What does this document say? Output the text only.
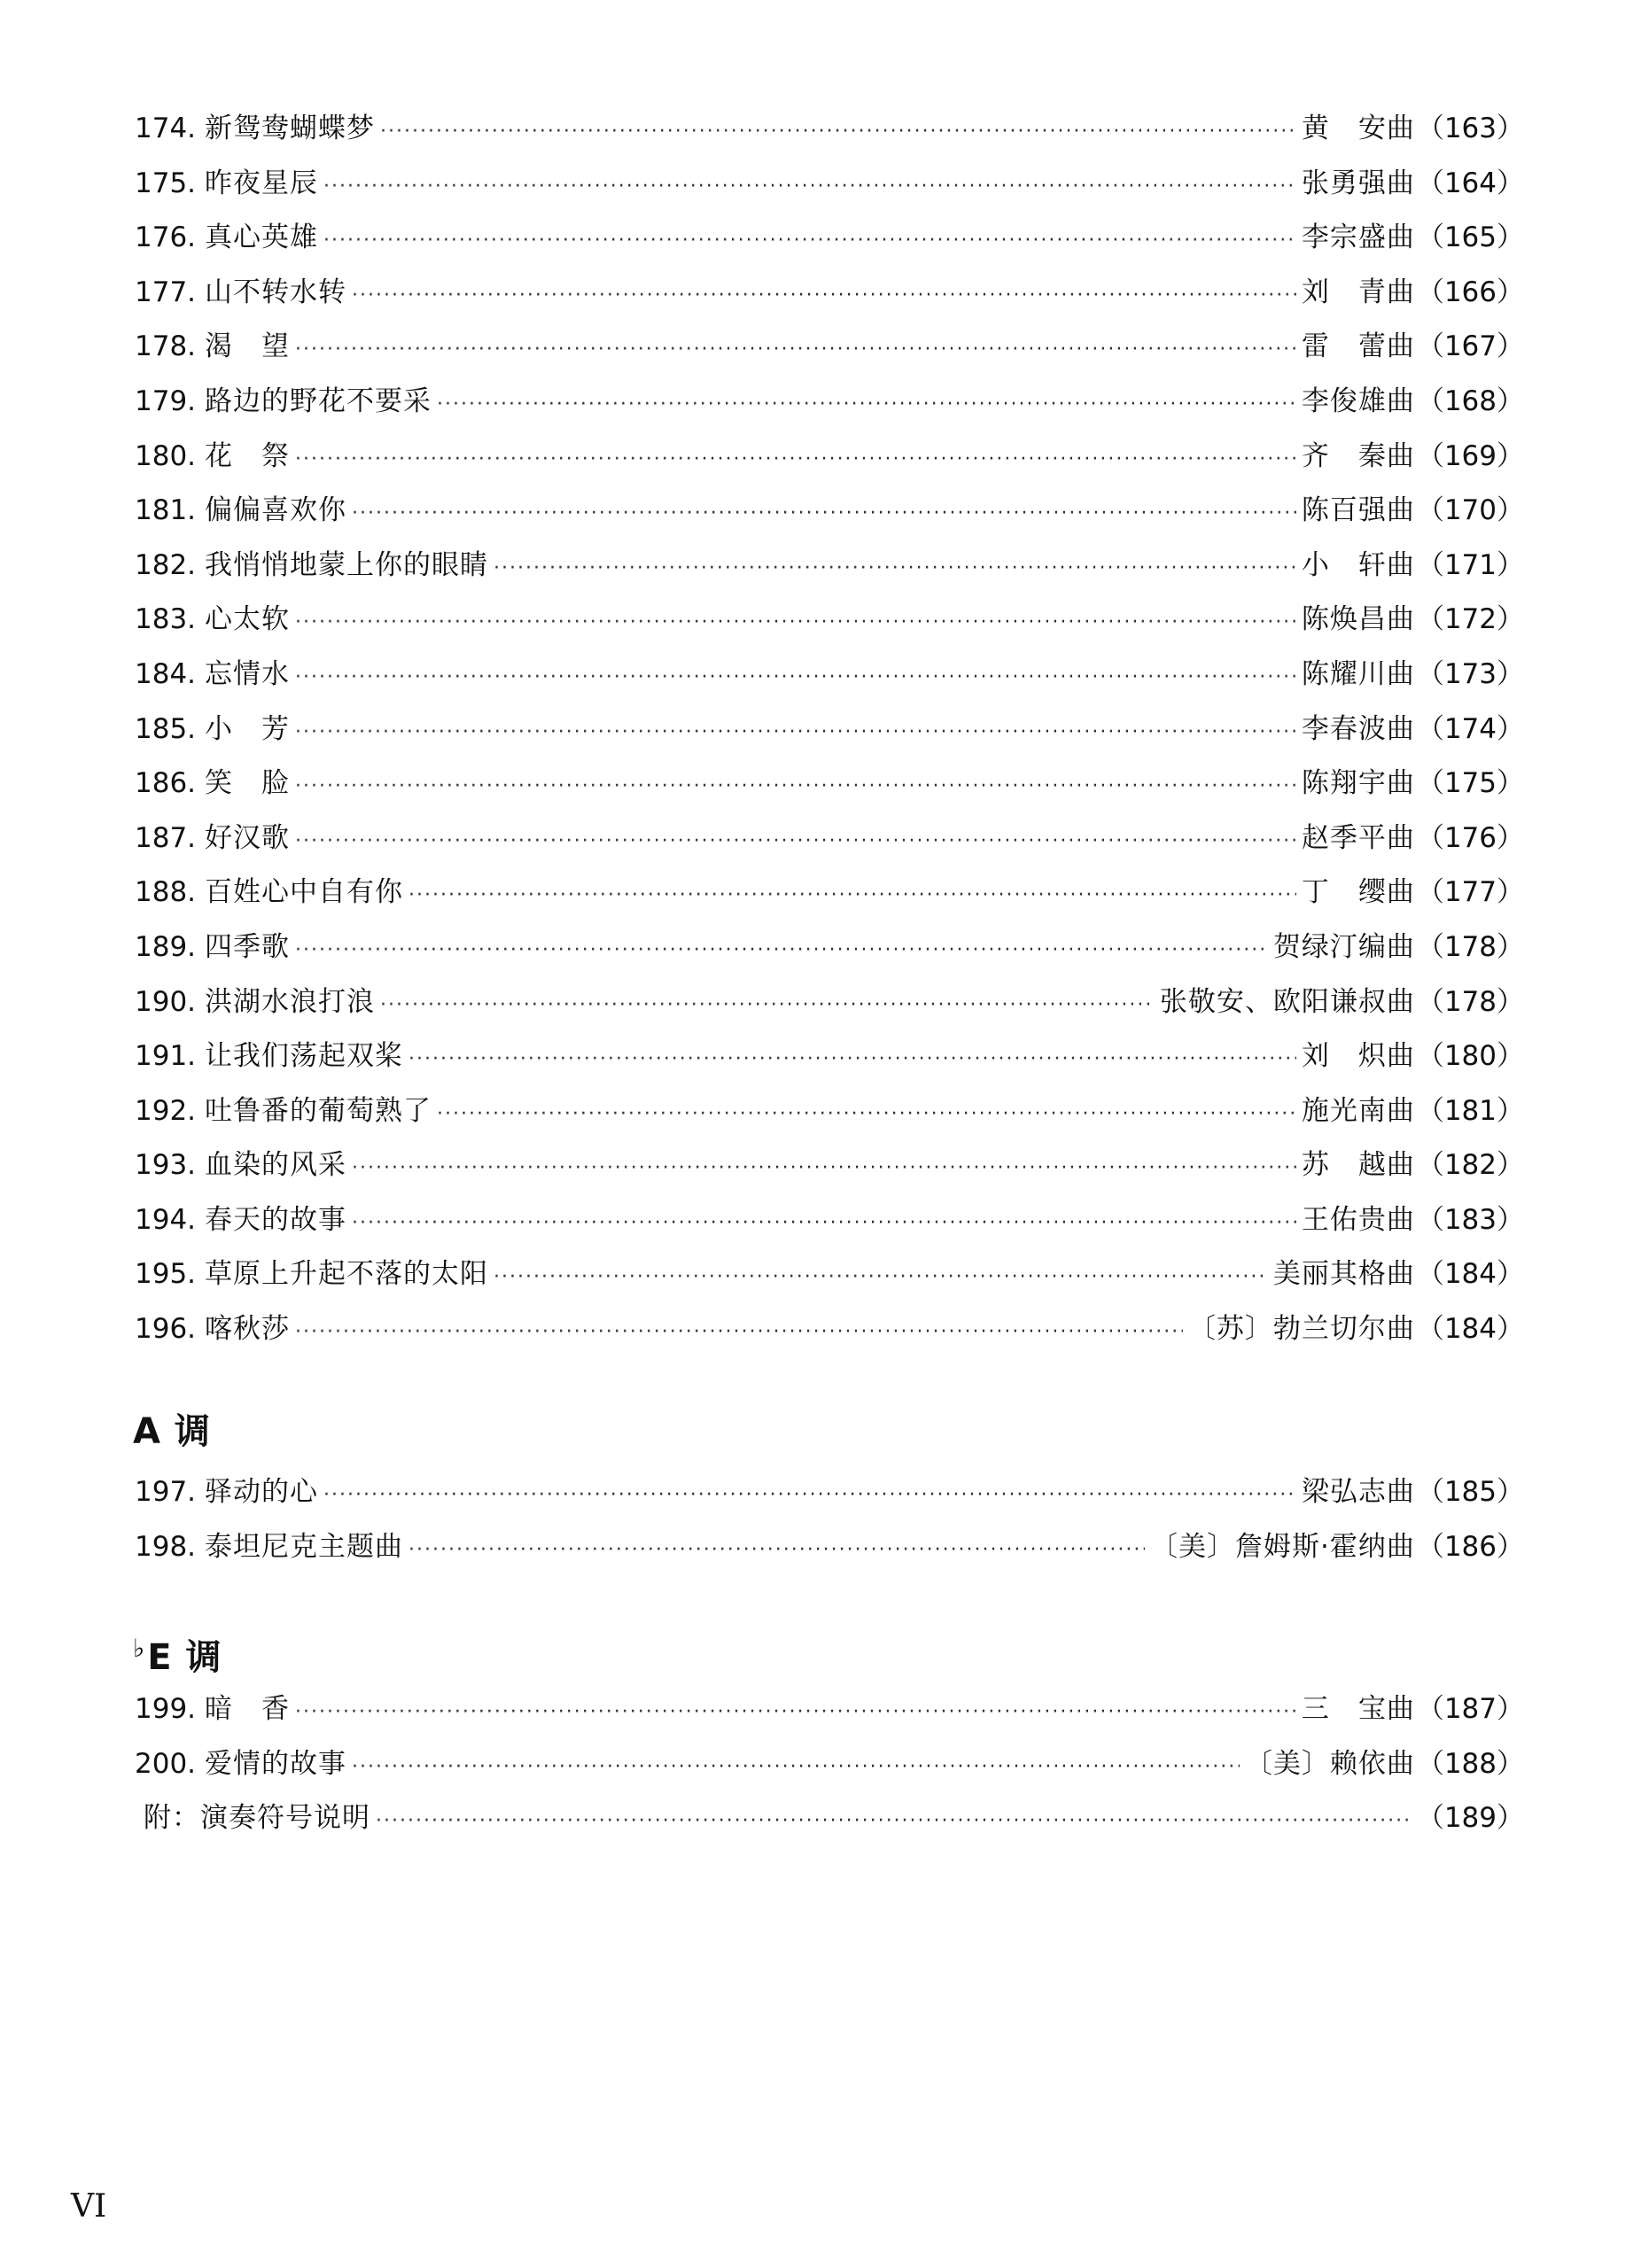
174. 新鸳鸯蝴蝶梦 ·····	黄　安曲 （163）
175. 昨夜星辰 ·····	张勇强曲 （164）
176. 真心英雄 ·····	李宗盛曲 （165）
177. 山不转水转 ·····	刘　青曲 （166）
178. 渴　望 ·····	雷　蕾曲 （167）
179. 路边的野花不要采 ·····	李俊雄曲 （168）
180. 花　祭 ·····	齐　秦曲 （169）
181. 偏偏喜欢你 ·····	陈百强曲 （170）
182. 我悄悄地蒙上你的眼睛 ·····	小　轩曲 （171）
183. 心太软 ·····	陈焕昌曲 （172）
184. 忘情水 ·····	陈耀川曲 （173）
185. 小　芳 ·····	李春波曲 （174）
186. 笑　脸 ·····	陈翔宇曲 （175）
187. 好汉歌 ·····	赵季平曲 （176）
188. 百姓心中自有你 ·····	丁　缨曲 （177）
189. 四季歌 ·····	贺绿汀编曲 （178）
190. 洪湖水浪打浪 ·····	张敬安、欧阳谦叔曲 （178）
191. 让我们荡起双桨 ·····	刘　炽曲 （180）
192. 吐鲁番的葡萄熟了 ·····	施光南曲 （181）
193. 血染的风采 ·····	苏　越曲 （182）
194. 春天的故事 ·····	王佑贵曲 （183）
195. 草原上升起不落的太阳 ·····	美丽其格曲 （184）
196. 喀秋莎 ·····	〔苏〕勃兰切尔曲 （184）
A 调
197. 驿动的心 ·····	梁弘志曲 （185）
198. 泰坦尼克主题曲 ·····	〔美〕詹姆斯·霍纳曲 （186）
♭E 调
199. 暗　香 ·····	三　宝曲 （187）
200. 爱情的故事 ·····	〔美〕赖依曲 （188）
附：演奏符号说明 ·····	（189）
VI
